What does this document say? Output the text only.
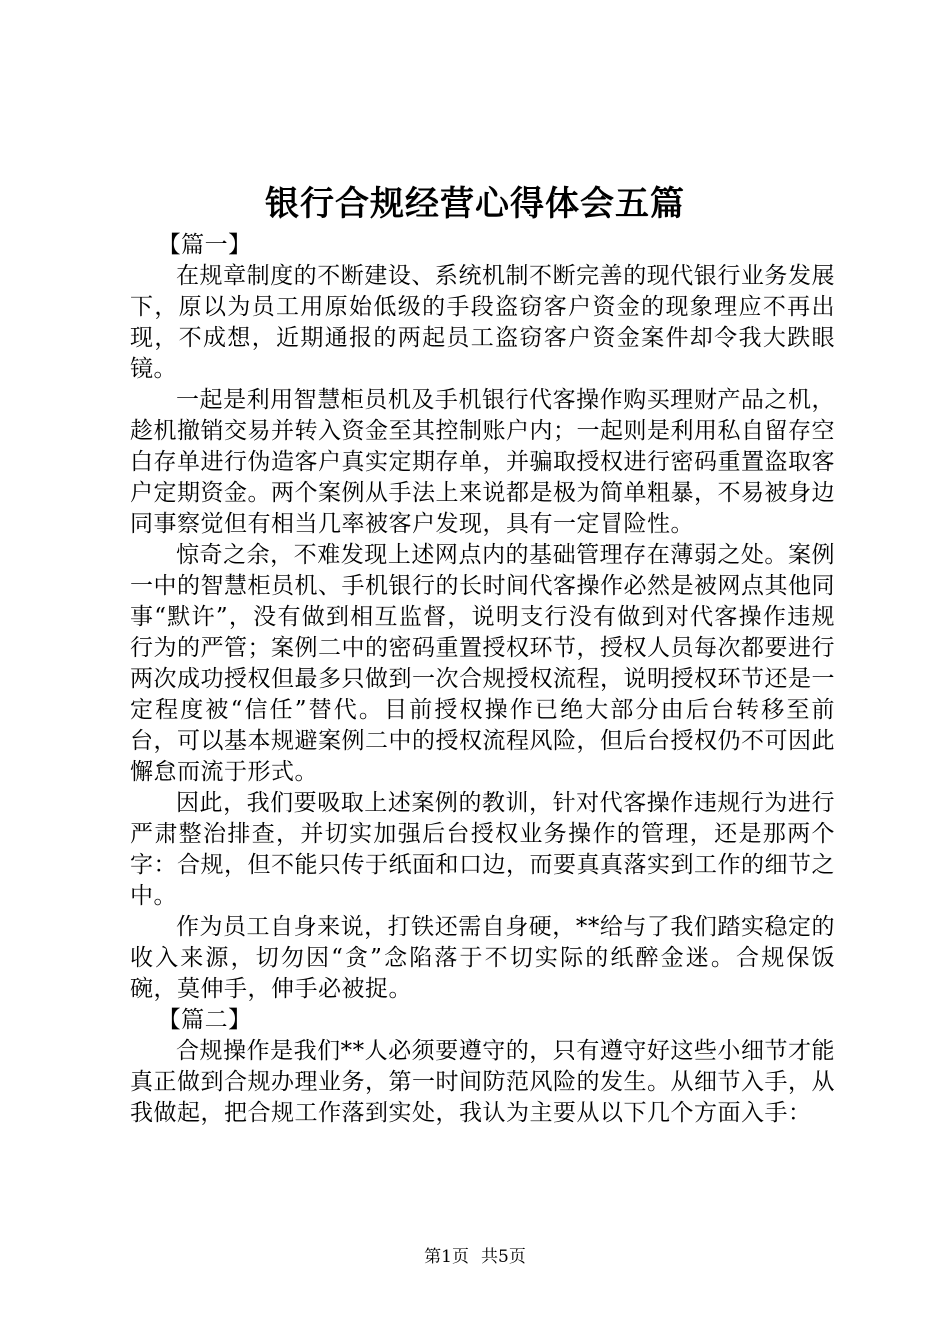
银行合规经营心得体会五篇

【篇一】

在规章制度的不断建设、系统机制不断完善的现代银行业务发展下，原以为员工用原始低级的手段盗窃客户资金的现象理应不再出现，不成想，近期通报的两起员工盗窃客户资金案件却令我大跌眼镜。

一起是利用智慧柜员机及手机银行代客操作购买理财产品之机，趁机撤销交易并转入资金至其控制账户内；一起则是利用私自留存空白存单进行伪造客户真实定期存单，并骗取授权进行密码重置盗取客户定期资金。两个案例从手法上来说都是极为简单粗暴，不易被身边同事察觉但有相当几率被客户发现，具有一定冒险性。

惊奇之余，不难发现上述网点内的基础管理存在薄弱之处。案例一中的智慧柜员机、手机银行的长时间代客操作必然是被网点其他同事“默许”，没有做到相互监督，说明支行没有做到对代客操作违规行为的严管；案例二中的密码重置授权环节，授权人员每次都要进行两次成功授权但最多只做到一次合规授权流程，说明授权环节还是一定程度被“信任”替代。目前授权操作已绝大部分由后台转移至前台，可以基本规避案例二中的授权流程风险，但后台授权仍不可因此懈怠而流于形式。

因此，我们要吸取上述案例的教训，针对代客操作违规行为进行严肃整治排查，并切实加强后台授权业务操作的管理，还是那两个字：合规，但不能只传于纸面和口边，而要真真落实到工作的细节之中。

作为员工自身来说，打铁还需自身硬，**给与了我们踏实稳定的收入来源，切勿因“贪”念陷落于不切实际的纸醉金迷。合规保饭碗，莫伸手，伸手必被捉。

【篇二】

合规操作是我们**人必须要遵守的，只有遵守好这些小细节才能真正做到合规办理业务，第一时间防范风险的发生。从细节入手，从我做起，把合规工作落到实处，我认为主要从以下几个方面入手：

第1页 共5页
